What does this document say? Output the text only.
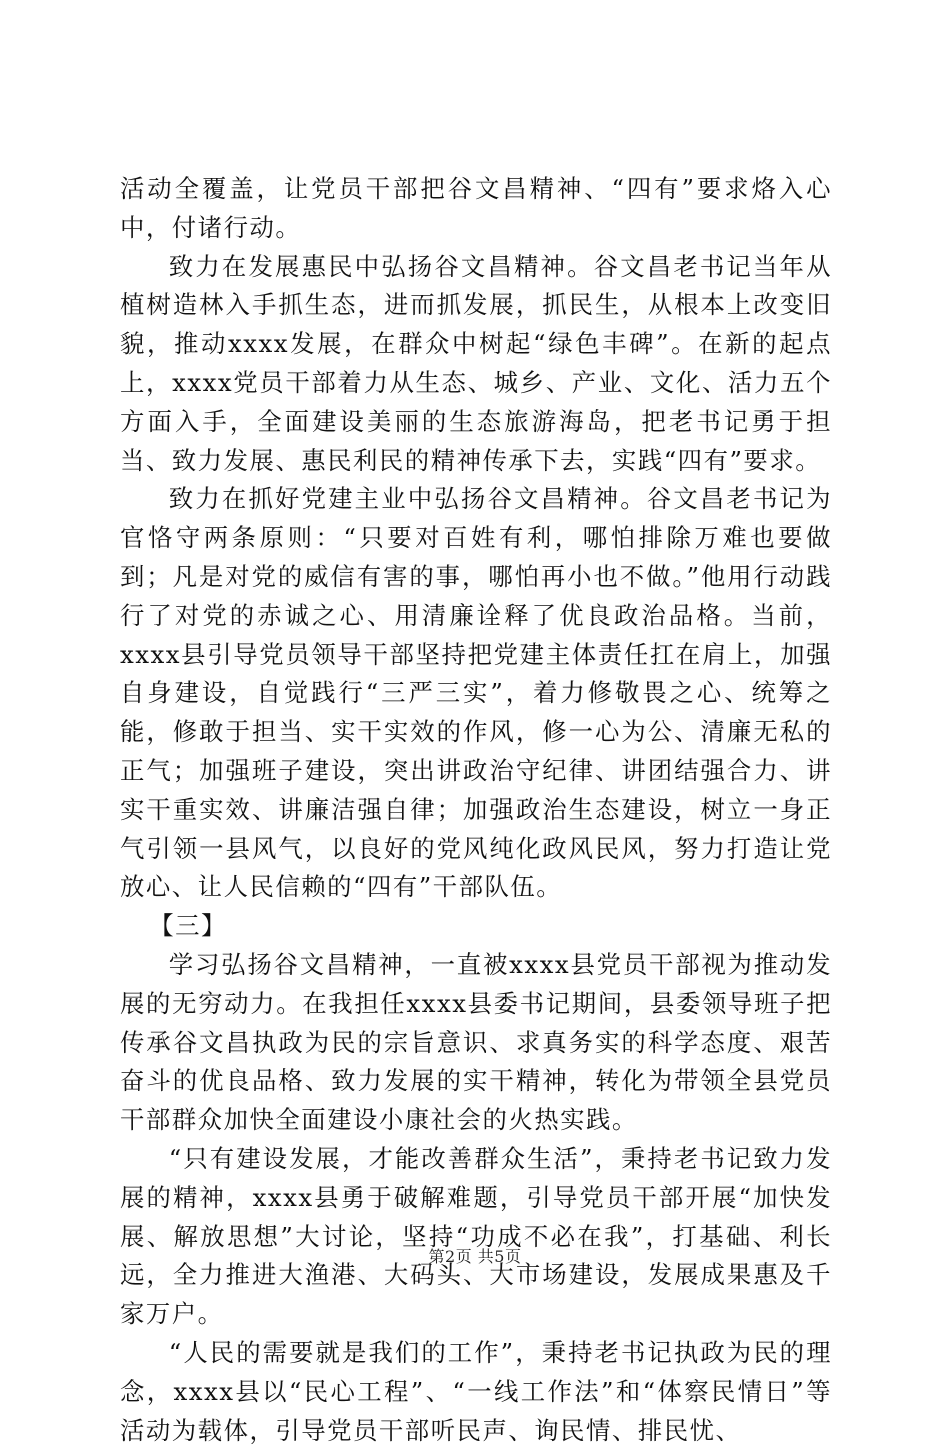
活动全覆盖，让党员干部把谷文昌精神、“四有”要求烙入心中，付诸行动。

致力在发展惠民中弘扬谷文昌精神。谷文昌老书记当年从植树造林入手抓生态，进而抓发展，抓民生，从根本上改变旧貌，推动xxxx发展，在群众中树起“绿色丰碑”。在新的起点上，xxxx党员干部着力从生态、城乡、产业、文化、活力五个方面入手，全面建设美丽的生态旅游海岛，把老书记勇于担当、致力发展、惠民利民的精神传承下去，实践“四有”要求。

致力在抓好党建主业中弘扬谷文昌精神。谷文昌老书记为官恪守两条原则：“只要对百姓有利，哪怕排除万难也要做到；凡是对党的威信有害的事，哪怕再小也不做。”他用行动践行了对党的赤诚之心、用清廉诠释了优良政治品格。当前，xxxx县引导党员领导干部坚持把党建主体责任扛在肩上，加强自身建设，自觉践行“三严三实”，着力修敬畏之心、统筹之能，修敢于担当、实干实效的作风，修一心为公、清廉无私的正气；加强班子建设，突出讲政治守纪律、讲团结强合力、讲实干重实效、讲廉洁强自律；加强政治生态建设，树立一身正气引领一县风气，以良好的党风纯化政风民风，努力打造让党放心、让人民信赖的“四有”干部队伍。

【三】

学习弘扬谷文昌精神，一直被xxxx县党员干部视为推动发展的无穷动力。在我担任xxxx县委书记期间，县委领导班子把传承谷文昌执政为民的宗旨意识、求真务实的科学态度、艰苦奋斗的优良品格、致力发展的实干精神，转化为带领全县党员干部群众加快全面建设小康社会的火热实践。

“只有建设发展，才能改善群众生活”，秉持老书记致力发展的精神，xxxx县勇于破解难题，引导党员干部开展“加快发展、解放思想”大讨论，坚持“功成不必在我”，打基础、利长远，全力推进大渔港、大码头、大市场建设，发展成果惠及千家万户。

“人民的需要就是我们的工作”，秉持老书记执政为民的理念，xxxx县以“民心工程”、“一线工作法”和“体察民情日”等活动为载体，引导党员干部听民声、询民情、排民忧、

第2页 共5页
